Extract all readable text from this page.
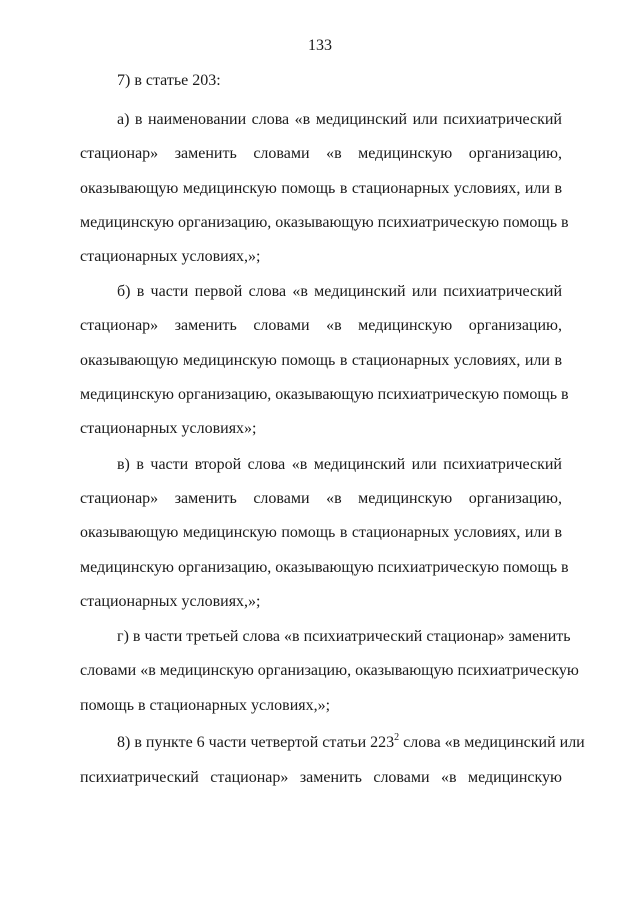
133
7) в статье 203:
а) в наименовании слова «в медицинский или психиатрический
стационар» заменить словами «в медицинскую организацию,
оказывающую медицинскую помощь в стационарных условиях, или в
медицинскую организацию, оказывающую психиатрическую помощь в
стационарных условиях,»;
б) в части первой слова «в медицинский или психиатрический
стационар» заменить словами «в медицинскую организацию,
оказывающую медицинскую помощь в стационарных условиях, или в
медицинскую организацию, оказывающую психиатрическую помощь в
стационарных условиях»;
в) в части второй слова «в медицинский или психиатрический
стационар» заменить словами «в медицинскую организацию,
оказывающую медицинскую помощь в стационарных условиях, или в
медицинскую организацию, оказывающую психиатрическую помощь в
стационарных условиях,»;
г) в части третьей слова «в психиатрический стационар» заменить
словами «в медицинскую организацию, оказывающую психиатрическую
помощь в стационарных условиях,»;
8) в пункте 6 части четвертой статьи $223^2$ слова «в медицинский или
психиатрический стационар» заменить словами «в медицинскую
